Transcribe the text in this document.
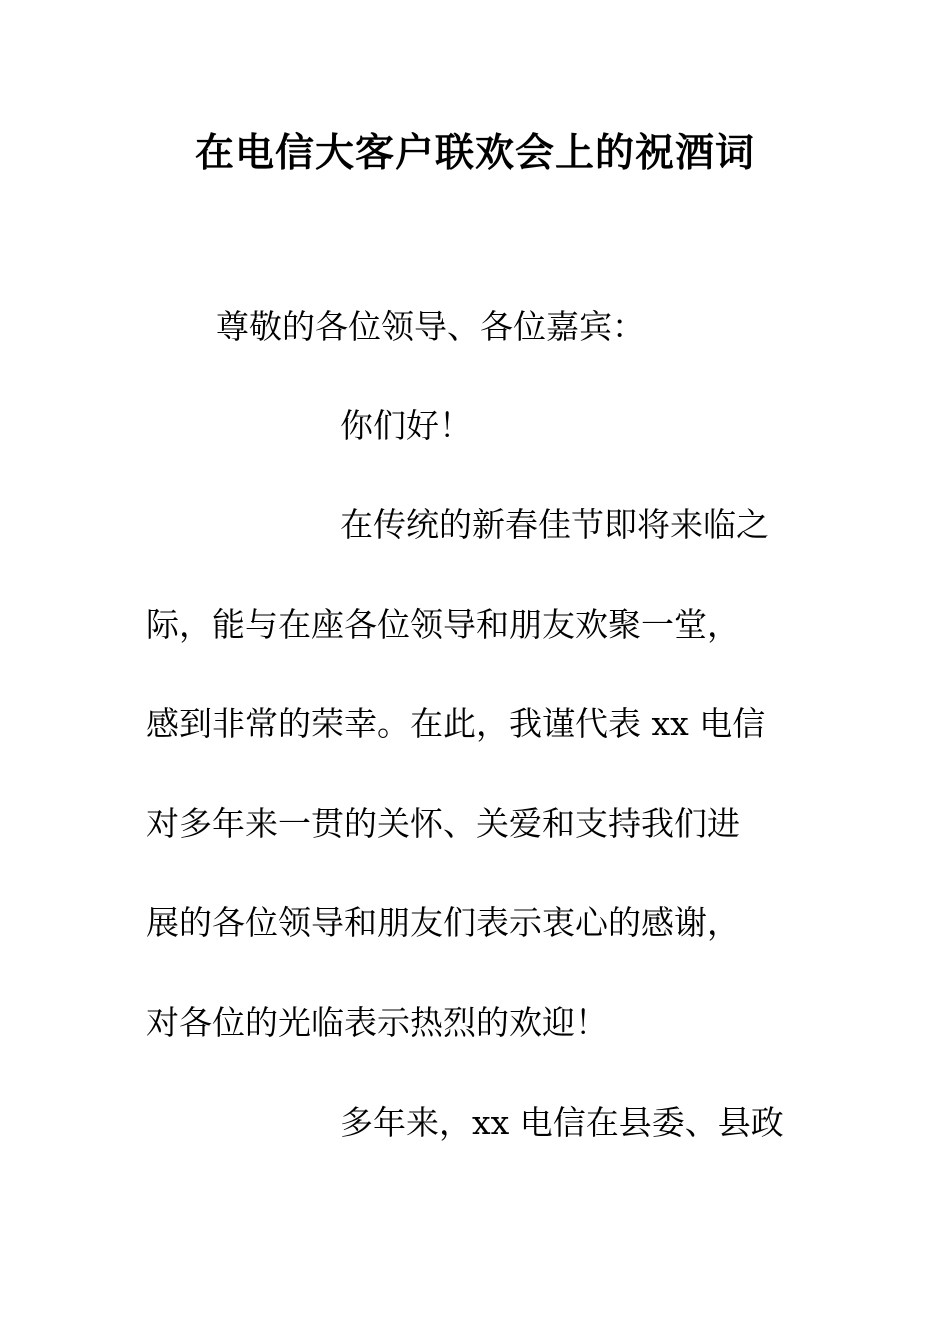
在电信大客户联欢会上的祝酒词
尊敬的各位领导、各位嘉宾：
你们好！
在传统的新春佳节即将来临之
际，能与在座各位领导和朋友欢聚一堂，
感到非常的荣幸。在此，我谨代表 xx 电信
对多年来一贯的关怀、关爱和支持我们进
展的各位领导和朋友们表示衷心的感谢，
对各位的光临表示热烈的欢迎！
多年来，xx 电信在县委、县政
